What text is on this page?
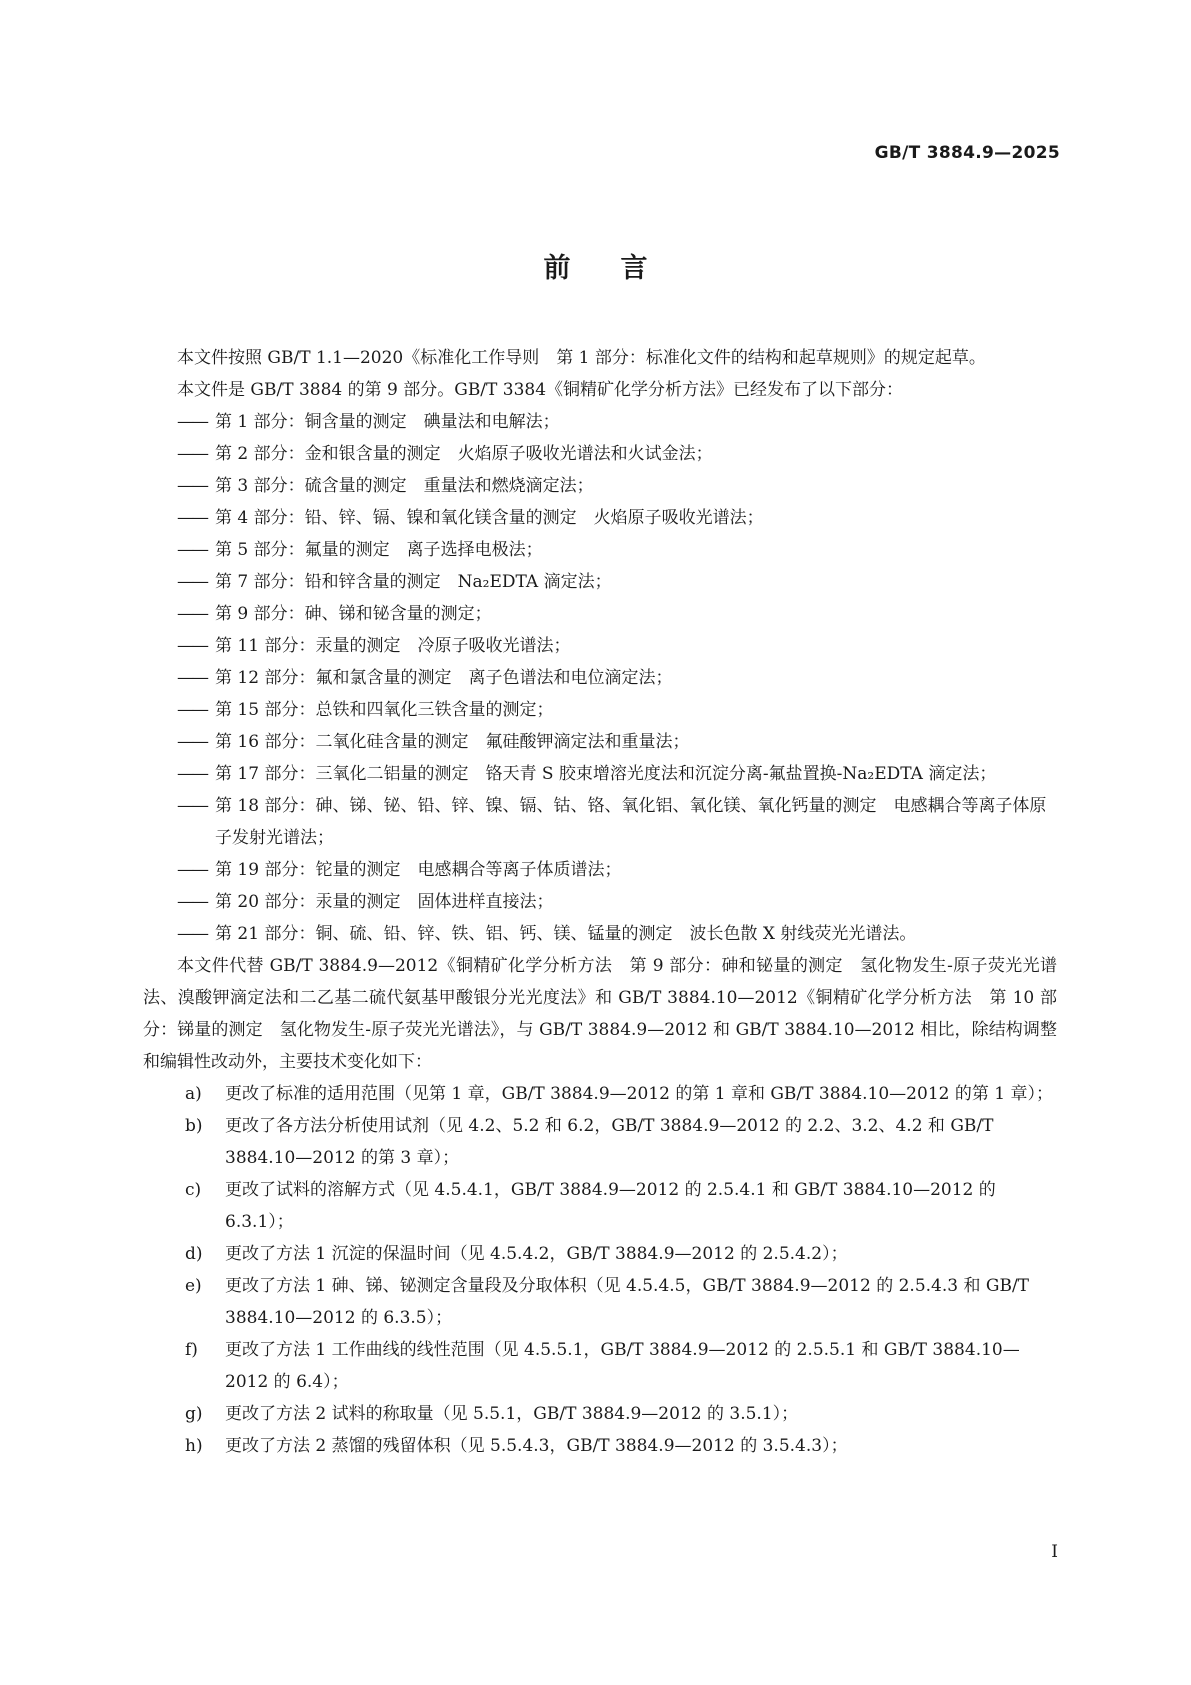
GB/T 3884.9—2025
前言

本文件按照 GB/T 1.1—2020《标准化工作导则　第 1 部分：标准化文件的结构和起草规则》的规定起草。

本文件是 GB/T 3884 的第 9 部分。GB/T 3384《铜精矿化学分析方法》已经发布了以下部分：

—— 第 1 部分：铜含量的测定　碘量法和电解法；

—— 第 2 部分：金和银含量的测定　火焰原子吸收光谱法和火试金法；

—— 第 3 部分：硫含量的测定　重量法和燃烧滴定法；

—— 第 4 部分：铅、锌、镉、镍和氧化镁含量的测定　火焰原子吸收光谱法；

—— 第 5 部分：氟量的测定　离子选择电极法；

—— 第 7 部分：铅和锌含量的测定　Na₂EDTA 滴定法；

—— 第 9 部分：砷、锑和铋含量的测定；

—— 第 11 部分：汞量的测定　冷原子吸收光谱法；

—— 第 12 部分：氟和氯含量的测定　离子色谱法和电位滴定法；

—— 第 15 部分：总铁和四氧化三铁含量的测定；

—— 第 16 部分：二氧化硅含量的测定　氟硅酸钾滴定法和重量法；

—— 第 17 部分：三氧化二铝量的测定　铬天青 S 胶束增溶光度法和沉淀分离-氟盐置换-Na₂EDTA 滴定法；

—— 第 18 部分：砷、锑、铋、铅、锌、镍、镉、钴、铬、氧化铝、氧化镁、氧化钙量的测定　电感耦合等离子体原子发射光谱法；

—— 第 19 部分：铊量的测定　电感耦合等离子体质谱法；

—— 第 20 部分：汞量的测定　固体进样直接法；

—— 第 21 部分：铜、硫、铅、锌、铁、铝、钙、镁、锰量的测定　波长色散 X 射线荧光光谱法。

本文件代替 GB/T 3884.9—2012《铜精矿化学分析方法　第 9 部分：砷和铋量的测定　氢化物发生-原子荧光光谱法、溴酸钾滴定法和二乙基二硫代氨基甲酸银分光光度法》和 GB/T 3884.10—2012《铜精矿化学分析方法　第 10 部分：锑量的测定　氢化物发生-原子荧光光谱法》，与 GB/T 3884.9—2012 和 GB/T 3884.10—2012 相比，除结构调整和编辑性改动外，主要技术变化如下：

a) 更改了标准的适用范围（见第 1 章，GB/T 3884.9—2012 的第 1 章和 GB/T 3884.10—2012 的第 1 章）；

b) 更改了各方法分析使用试剂（见 4.2、5.2 和 6.2，GB/T 3884.9—2012 的 2.2、3.2、4.2 和 GB/T 3884.10—2012 的第 3 章）；

c) 更改了试料的溶解方式（见 4.5.4.1，GB/T 3884.9—2012 的 2.5.4.1 和 GB/T 3884.10—2012 的 6.3.1）；

d) 更改了方法 1 沉淀的保温时间（见 4.5.4.2，GB/T 3884.9—2012 的 2.5.4.2）；

e) 更改了方法 1 砷、锑、铋测定含量段及分取体积（见 4.5.4.5，GB/T 3884.9—2012 的 2.5.4.3 和 GB/T 3884.10—2012 的 6.3.5）；

f) 更改了方法 1 工作曲线的线性范围（见 4.5.5.1，GB/T 3884.9—2012 的 2.5.5.1 和 GB/T 3884.10—2012 的 6.4）；

g) 更改了方法 2 试料的称取量（见 5.5.1，GB/T 3884.9—2012 的 3.5.1）；

h) 更改了方法 2 蒸馏的残留体积（见 5.5.4.3，GB/T 3884.9—2012 的 3.5.4.3）；

I
